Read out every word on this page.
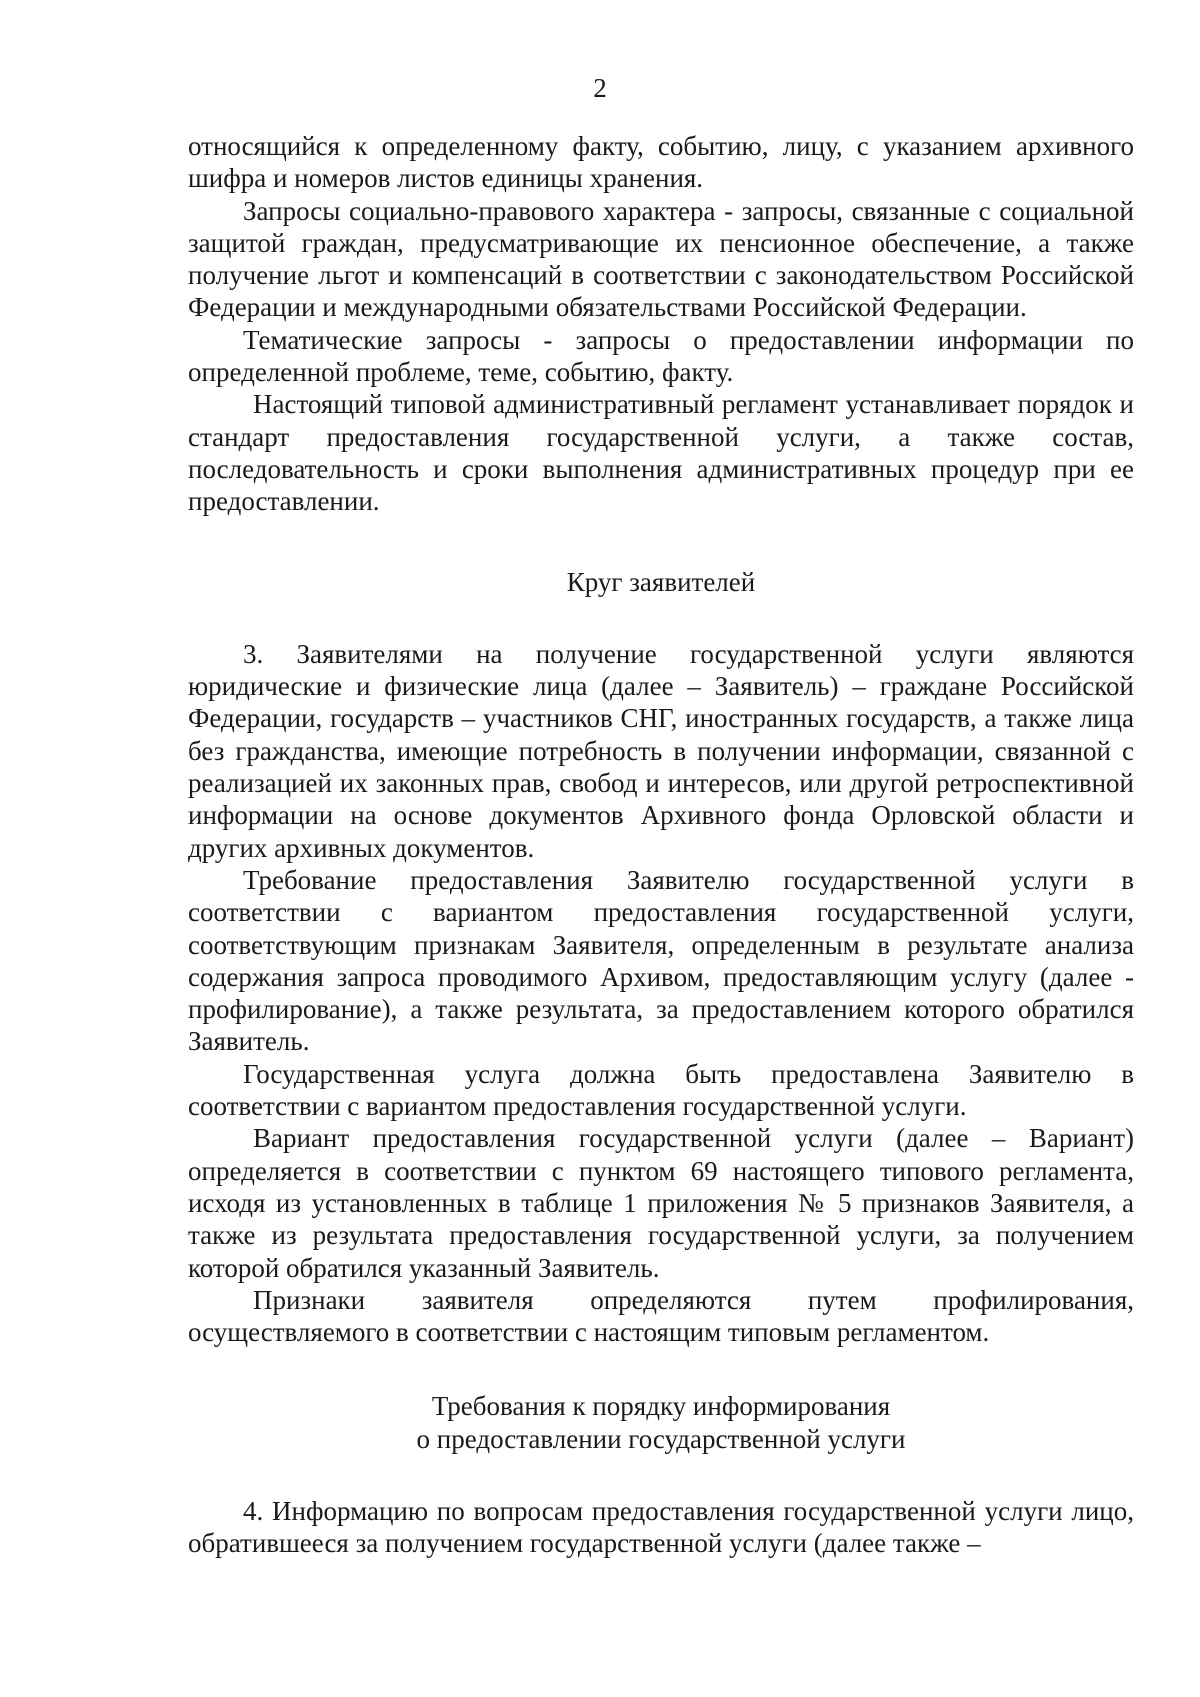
2

относящийся к определенному факту, событию, лицу, с указанием архивного шифра и номеров листов единицы хранения.

Запросы социально-правового характера - запросы, связанные с социальной защитой граждан, предусматривающие их пенсионное обеспечение, а также получение льгот и компенсаций в соответствии с законодательством Российской Федерации и международными обязательствами Российской Федерации.

Тематические запросы - запросы о предоставлении информации по определенной проблеме, теме, событию, факту.

Настоящий типовой административный регламент устанавливает порядок и стандарт предоставления государственной услуги, а также состав, последовательность и сроки выполнения административных процедур при ее предоставлении.

Круг заявителей

3. Заявителями на получение государственной услуги являются юридические и физические лица (далее – Заявитель) – граждане Российской Федерации, государств – участников СНГ, иностранных государств, а также лица без гражданства, имеющие потребность в получении информации, связанной с реализацией их законных прав, свобод и интересов, или другой ретроспективной информации на основе документов Архивного фонда Орловской области и других архивных документов.

Требование предоставления Заявителю государственной услуги в соответствии с вариантом предоставления государственной услуги, соответствующим признакам Заявителя, определенным в результате анализа содержания запроса проводимого Архивом, предоставляющим услугу (далее - профилирование), а также результата, за предоставлением которого обратился Заявитель.

Государственная услуга должна быть предоставлена Заявителю в соответствии с вариантом предоставления государственной услуги.

Вариант предоставления государственной услуги (далее – Вариант) определяется в соответствии с пунктом 69 настоящего типового регламента, исходя из установленных в таблице 1 приложения № 5 признаков Заявителя, а также из результата предоставления государственной услуги, за получением которой обратился указанный Заявитель.

Признаки заявителя определяются путем профилирования, осуществляемого в соответствии с настоящим типовым регламентом.

Требования к порядку информирования

о предоставлении государственной услуги

4. Информацию по вопросам предоставления государственной услуги лицо, обратившееся за получением государственной услуги (далее также –
